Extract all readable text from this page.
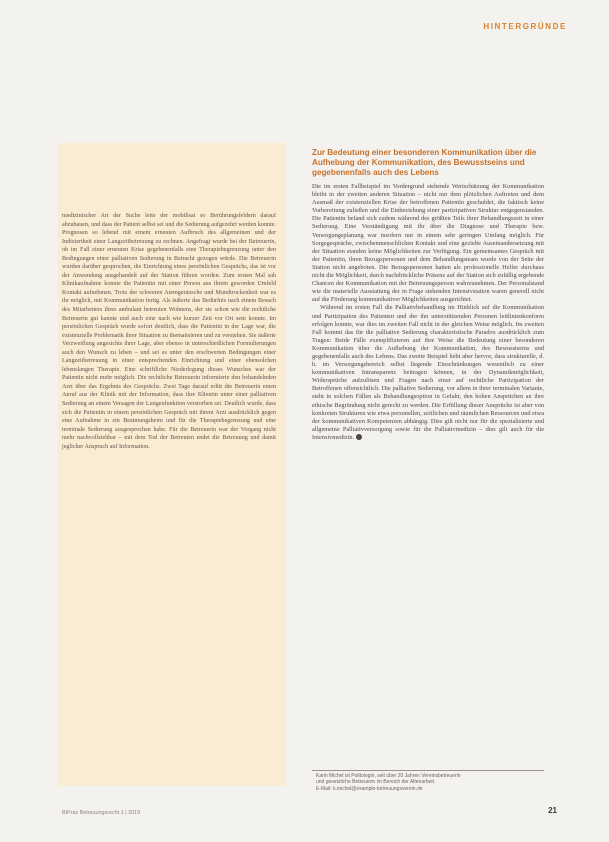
HINTERGRÜNDE

medizinischer Art der Suche leite der mobilisat so Berührungsfeldern darauf abzubauen, und dass der Patient selbst sei und die Sedierung aufgezehrt werden konnte. Prognosen so lebend mit einem erneuten Aufbruch des allgemeinen und der Indiziertheit einer Langzeitbetreuung zu rechnen. Angefragt wurde bei der Betreuerin, ob im Fall einer erneuten Krise gegebenenfalls eine Therapiebegrenzung unter den Bedingungen einer palliativen Sedierung in Betracht gezogen würde. Die Betreuerin wurden darüber gesprochen, die Einrichtung eines persönlichen Gesprächs, das ist vor der Anwendung ausgehandelt auf der Station führen worden. Zum ersten Mal sah Klinikaufnahme konnte die Patientin mit einer Person aus ihrem geworden Umfeld Kontakt aufnehmen. Trotz der schweren Atemgeräusche und Mundtrockenheit war es ihr möglich, mit Kommunikation fertig. Als äußerte das Bedürfnis nach einem Besuch des Mitarbeiters ihres ambulant betreuten Wohnens, der sie schon wie die rechtliche Betreuerin gut kannte und auch eine nach wie kurzer Zeit vor Ort sein konnte. Im persönlichen Gespräch wurde sofort deutlich, dass die Patientin in der Lage war, die existenzielle Problematik ihrer Situation zu thematisieren und zu verstehen. Sie äußerte Verzweiflung angesichts ihrer Lage, aber ebenso in unterschiedlichen Formulierungen auch den Wunsch zu leben – und sei es unter den erschwerten Bedingungen einer Langzeitbetreuung in einer entsprechenden Einrichtung und einer ebensolchen lebenslangen Therapie. Eine schriftliche Niederlegung dieses Wunsches war der Patientin nicht mehr möglich. Die rechtliche Betreuerin informierte den behandelnden Arzt über das Ergebnis des Gesprächs. Zwei Tage darauf erlitt die Betreuerin einen Anruf aus der Klinik mit der Information, dass ihre Klientin unter einer palliativen Sedierung an einem Versagen der Lungenfunktion verstorben sei. Deutlich wurde, dass sich die Patientin in einem persönlichen Gespräch mit ihrem Arzt ausdrücklich gegen eine Aufnahme in ein Beatmungsheim und für die Therapiebegrenzung und eine terminale Sedierung ausgesprochen habe. Für die Betreuerin war der Vorgang nicht mehr nachvollziehbar – mit dem Tod der Betreuten endet die Betreuung und damit jeglicher Anspruch auf Information.

Zur Bedeutung einer besonderen Kommunikation über die Aufhebung der Kommunikation, des Bewusstseins und gegebenenfalls auch des Lebens

Die im ersten Fallbeispiel im Vordergrund stehende Wertschätzung der Kommunikation bleibt in der zweiten anderen Situation – nicht nur dem plötzlichen Auftreten und dem Ausmaß der existenziellen Krise der betroffenen Patientin geschuldet, die faktisch keine Vorbereitung zuließen und die Einbeziehung einer partizipativen Struktur entgegenstanden. Die Patientin befand sich zudem während des größten Teils ihrer Behandlungszeit in einer Sedierung. Eine Verständigung mit ihr über die Diagnose und Therapie bzw. Versorgungsplanung war insofern nur in einem sehr geringen Umfang möglich. Für Sorgegespräche, zwischenmenschlichen Kontakt und eine gezielte Auseinandersetzung mit der Situation standen keine Möglichkeiten zur Verfügung. Ein gemeinsames Gespräch mit der Patientin, ihren Bezugspersonen und dem Behandlungsteam wurde von der Seite der Station nicht angeboten. Die Bezugspersonen hatten als professionelle Helfer durchaus nicht die Möglichkeit, durch nachdrückliche Präsenz auf der Station sich zufällig ergebende Chancen der Kommunikation mit der Betreuungsperson wahrzunehmen. Der Personalstand wie die materielle Ausstattung der in Frage stehenden Intensivstation waren generell nicht auf die Förderung kommunikativer Möglichkeiten ausgerichtet.

Während im ersten Fall die Palliativbehandlung im Hinblick auf die Kommunikation und Partizipation des Patienten und der ihn unterstützenden Personen leitlinienkonform erfolgen konnte, war dies im zweiten Fall nicht in der gleichen Weise möglich. Im zweiten Fall kommt das für die palliative Sedierung charakteristische Paradox ausdrücklich zum Tragen: Beide Fälle exemplifizieren auf ihre Weise die Bedeutung einer besonderen Kommunikation über die Aufhebung der Kommunikation, des Bewusstseins und gegebenenfalls auch des Lebens. Das zweite Beispiel hebt aber hervor, dass strukturelle, d. h. im Versorgungsbereich selbst liegende Einschränkungen wesentlich zu einer kommunikativen Intransparenz beitragen können, in der Dynamikmöglichkeit, Widersprüche aufzulösen und Fragen nach einer auf rechtliche Partizipation der Betroffenen offensichtlich. Die palliative Sedierung, vor allem in ihrer terminalen Variante, steht in solchen Fällen als Behandlungsoption in Gefahr, den hohen Ansprüchen an ihre ethische Begründung nicht gerecht zu werden. Die Erfüllung dieser Ansprüche ist aber von konkreten Strukturen wie etwa personellen, zeitlichen und räumlichen Ressourcen und etwa der kommunikativen Kompetenzen abhängig. Dies gilt nicht nur für die spezialisierte und allgemeine Palliativversorgung sowie für die Palliativmedizin – dies gilt auch für die Intensivmedizin.

Karin Michel ist Politologin, seit über 20 Jahren Vereinsbetreuerin
und gesetzliche Betreuerin im Bereich der Altenarbeit.
E-Mail: k.michel@example-betreuungsverein.de
BtPrax Betreuungsrecht 1 | 2019	21
